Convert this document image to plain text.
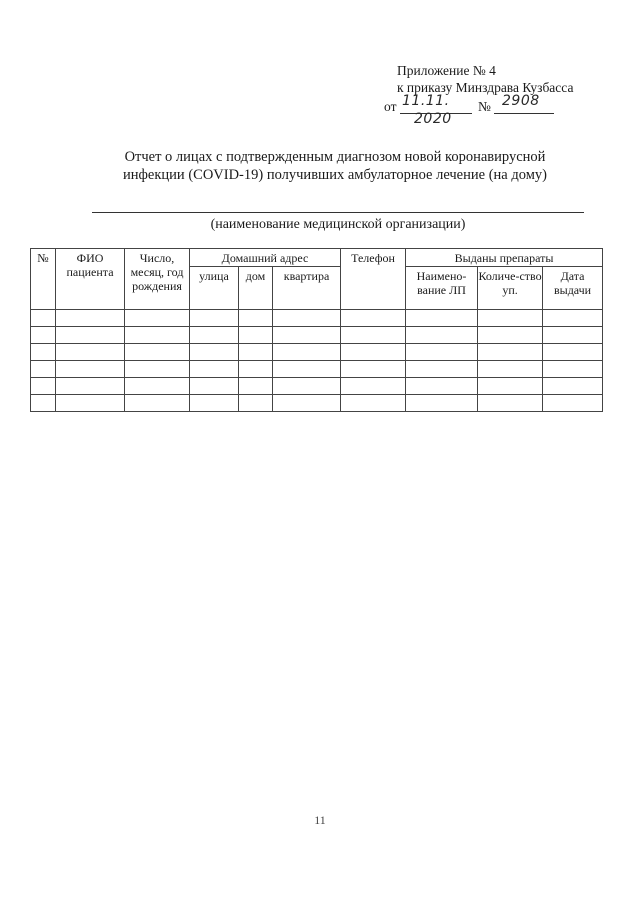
Приложение № 4
к приказу Минздрава Кузбасса
от	№
11.11.
2020
2908
Отчет о лицах с подтвержденным диагнозом новой коронавирусной
инфекции (COVID-19) получивших амбулаторное лечение (на дому)
(наименование медицинской организации)
№	ФИО пациента	Число, месяц, год рождения	Домашний адрес			Телефон	Выданы препараты		
			улица	дом	квартира		Наимено-вание ЛП	Количе-ство уп.	Дата выдачи

11
